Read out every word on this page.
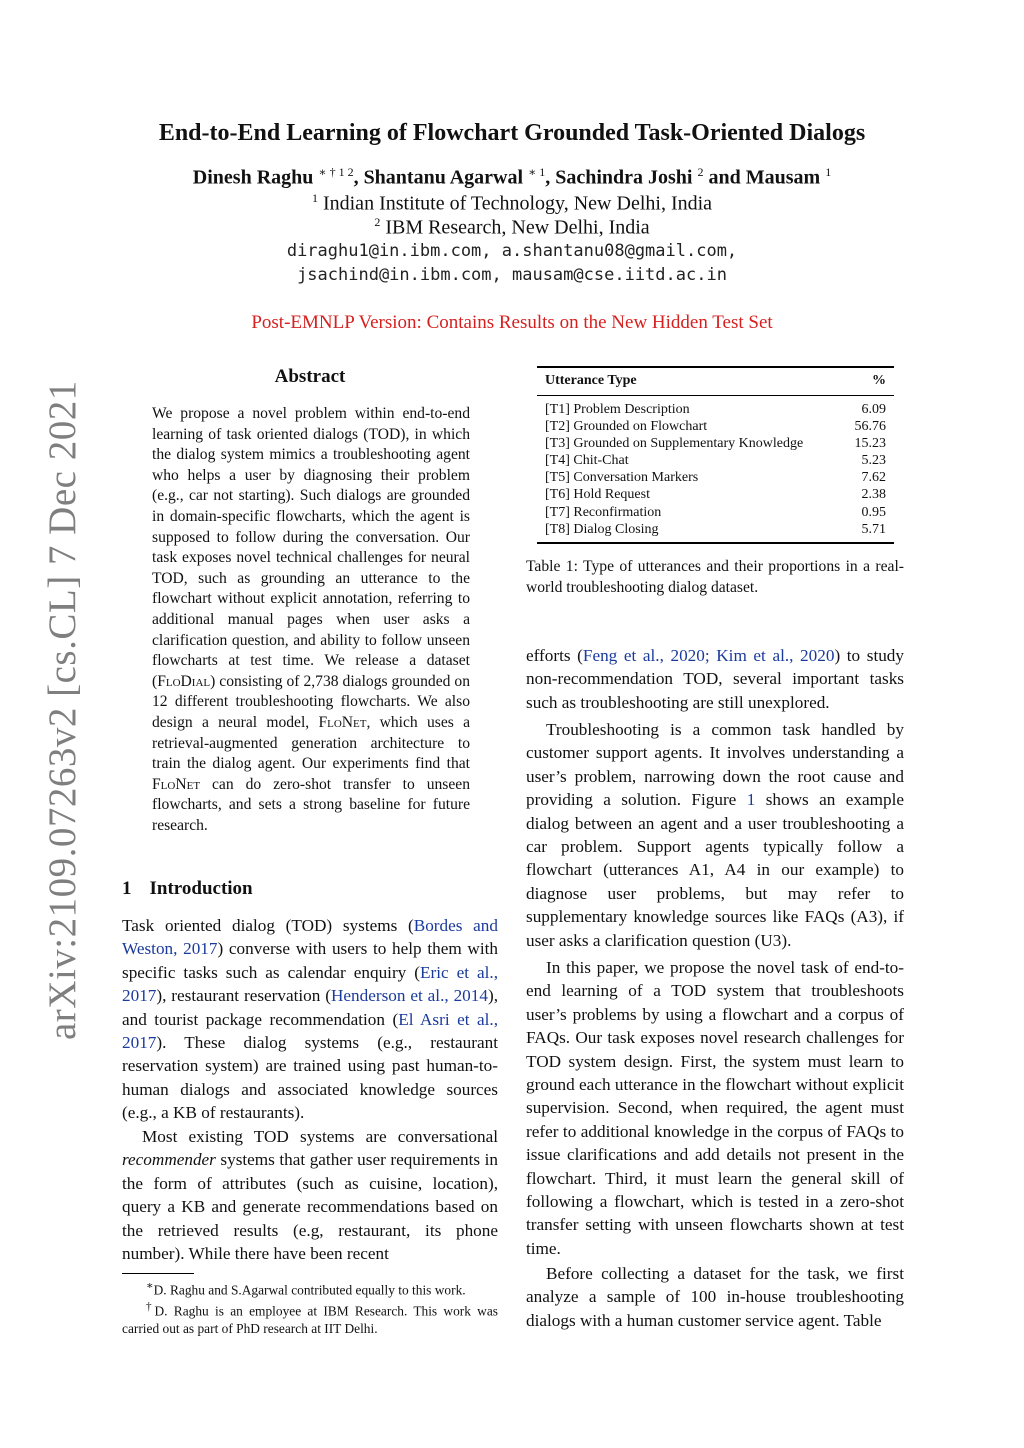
arXiv:2109.07263v2 [cs.CL] 7 Dec 2021
End-to-End Learning of Flowchart Grounded Task-Oriented Dialogs
Dinesh Raghu $^{∗ \dagger 1 2}$, Shantanu Agarwal $^{∗ 1}$, Sachindra Joshi $^2$ and Mausam $^1$
$^1$ Indian Institute of Technology, New Delhi, India
$^2$ IBM Research, New Delhi, India
diraghu1@in.ibm.com, a.shantanu08@gmail.com,
jsachind@in.ibm.com, mausam@cse.iitd.ac.in
Post-EMNLP Version: Contains Results on the New Hidden Test Set
Abstract
We propose a novel problem within end-to-end learning of task oriented dialogs (TOD), in which the dialog system mimics a troubleshooting agent who helps a user by diagnosing their problem (e.g., car not starting). Such dialogs are grounded in domain-specific flowcharts, which the agent is supposed to follow during the conversation. Our task exposes novel technical challenges for neural TOD, such as grounding an utterance to the flowchart without explicit annotation, referring to additional manual pages when user asks a clarification question, and ability to follow unseen flowcharts at test time. We release a dataset (FloDial) consisting of 2,738 dialogs grounded on 12 different troubleshooting flowcharts. We also design a neural model, FloNet, which uses a retrieval-augmented generation architecture to train the dialog agent. Our experiments find that FloNet can do zero-shot transfer to unseen flowcharts, and sets a strong baseline for future research.
1 Introduction
Task oriented dialog (TOD) systems (Bordes and Weston, 2017) converse with users to help them with specific tasks such as calendar enquiry (Eric et al., 2017), restaurant reservation (Henderson et al., 2014), and tourist package recommendation (El Asri et al., 2017). These dialog systems (e.g., restaurant reservation system) are trained using past human-to-human dialogs and associated knowledge sources (e.g., a KB of restaurants).
Most existing TOD systems are conversational recommender systems that gather user requirements in the form of attributes (such as cuisine, location), query a KB and generate recommendations based on the retrieved results (e.g, restaurant, its phone number). While there have been recent
∗D. Raghu and S.Agarwal contributed equally to this work.
†D. Raghu is an employee at IBM Research. This work was carried out as part of PhD research at IIT Delhi.
Utterance Type	%
[T1] Problem Description	6.09
[T2] Grounded on Flowchart	56.76
[T3] Grounded on Supplementary Knowledge	15.23
[T4] Chit-Chat	5.23
[T5] Conversation Markers	7.62
[T6] Hold Request	2.38
[T7] Reconfirmation	0.95
[T8] Dialog Closing	5.71
Table 1: Type of utterances and their proportions in a real-world troubleshooting dialog dataset.
efforts (Feng et al., 2020; Kim et al., 2020) to study non-recommendation TOD, several important tasks such as troubleshooting are still unexplored.
Troubleshooting is a common task handled by customer support agents. It involves understanding a user’s problem, narrowing down the root cause and providing a solution. Figure 1 shows an example dialog between an agent and a user troubleshooting a car problem. Support agents typically follow a flowchart (utterances A1, A4 in our example) to diagnose user problems, but may refer to supplementary knowledge sources like FAQs (A3), if user asks a clarification question (U3).
In this paper, we propose the novel task of end-to-end learning of a TOD system that troubleshoots user’s problems by using a flowchart and a corpus of FAQs. Our task exposes novel research challenges for TOD system design. First, the system must learn to ground each utterance in the flowchart without explicit supervision. Second, when required, the agent must refer to additional knowledge in the corpus of FAQs to issue clarifications and add details not present in the flowchart. Third, it must learn the general skill of following a flowchart, which is tested in a zero-shot transfer setting with unseen flowcharts shown at test time.
Before collecting a dataset for the task, we first analyze a sample of 100 in-house troubleshooting dialogs with a human customer service agent. Table
